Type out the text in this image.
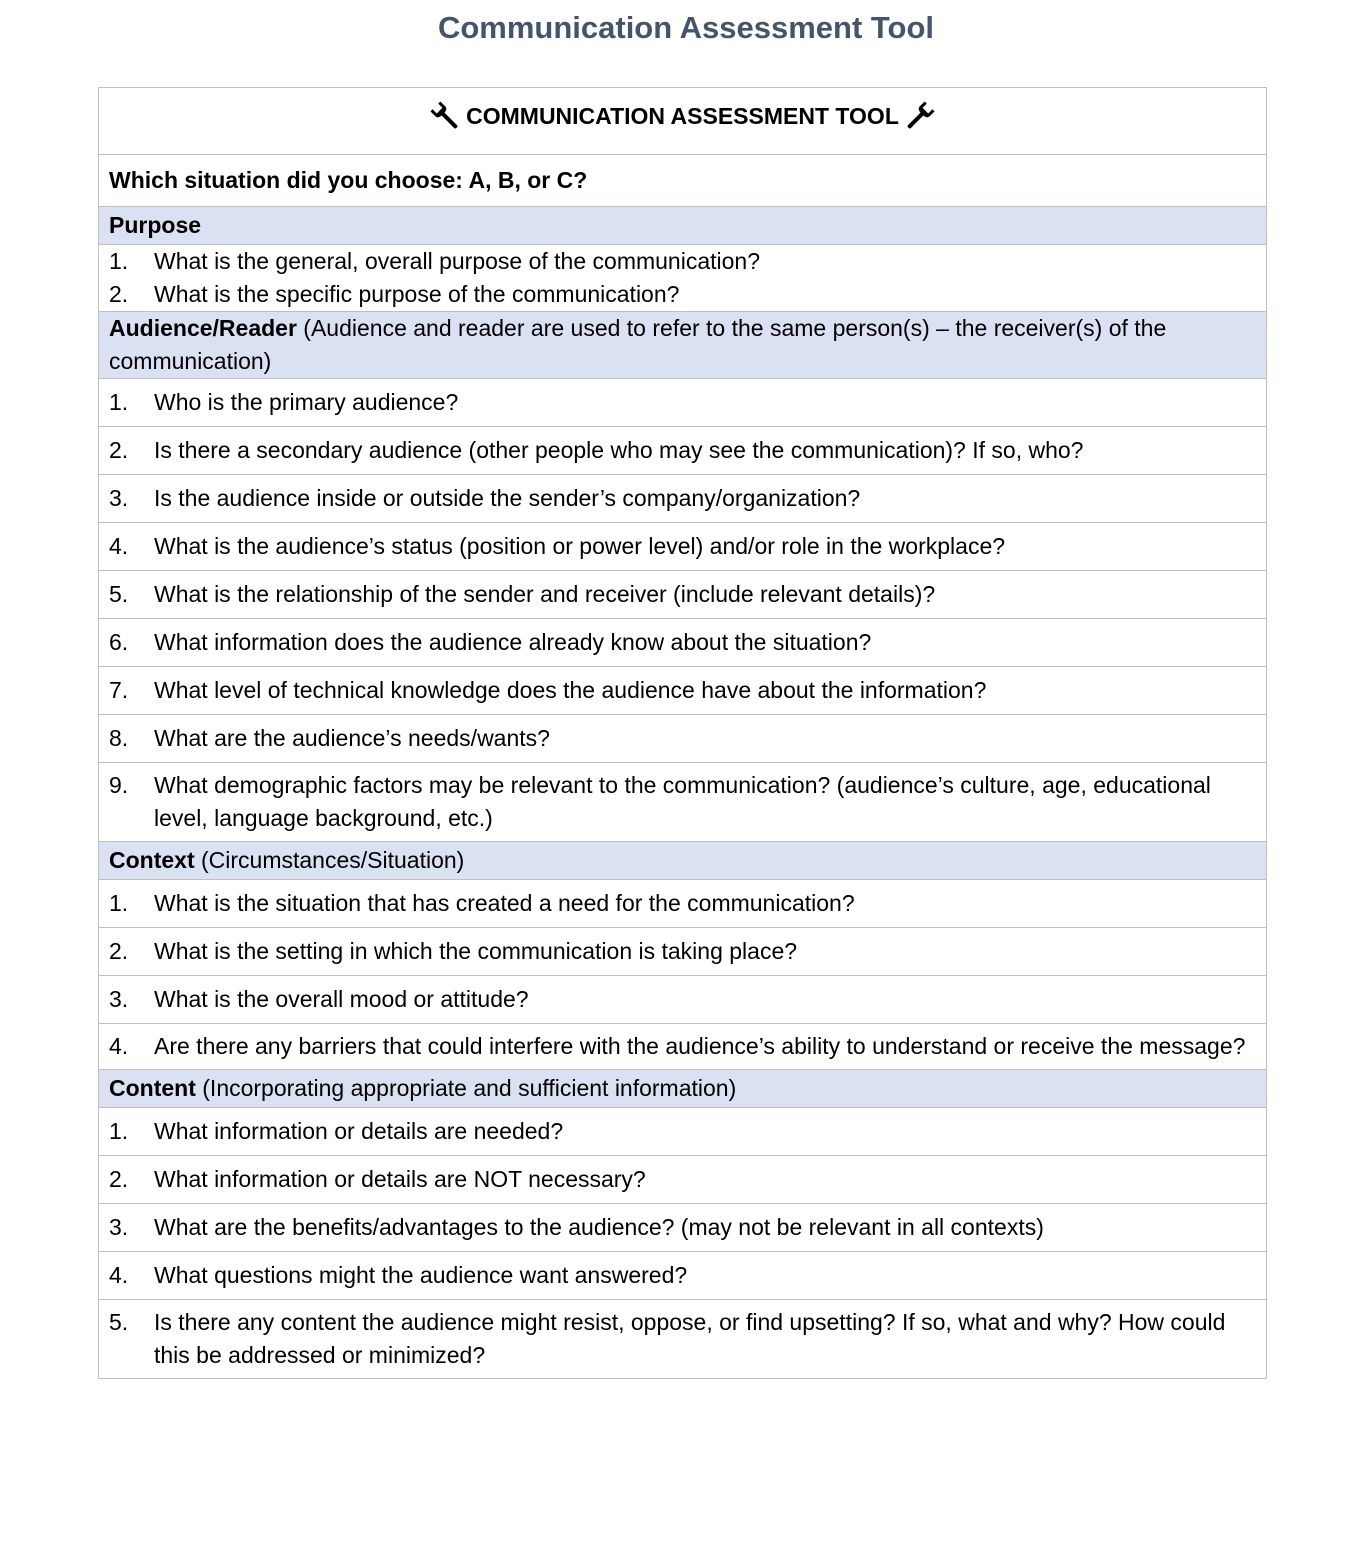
Communication Assessment Tool
COMMUNICATION ASSESSMENT TOOL

Which situation did you choose: A, B, or C?
Purpose

1.	What is the general, overall purpose of the communication?
2.	What is the specific purpose of the communication?

Audience/Reader (Audience and reader are used to refer to the same person(s) – the receiver(s) of the communication)

1.	Who is the primary audience?

2.	Is there a secondary audience (other people who may see the communication)? If so, who?

3.	Is the audience inside or outside the sender’s company/organization?

4.	What is the audience’s status (position or power level) and/or role in the workplace?

5.	What is the relationship of the sender and receiver (include relevant details)?

6.	What information does the audience already know about the situation?

7.	What level of technical knowledge does the audience have about the information?

8.	What are the audience’s needs/wants?

9.	What demographic factors may be relevant to the communication? (audience’s culture, age, educational level, language background, etc.)

Context (Circumstances/Situation)

1.	What is the situation that has created a need for the communication?

2.	What is the setting in which the communication is taking place?

3.	What is the overall mood or attitude?

4.	Are there any barriers that could interfere with the audience’s ability to understand or receive the message?

Content (Incorporating appropriate and sufficient information)

1.	What information or details are needed?

2.	What information or details are NOT necessary?

3.	What are the benefits/advantages to the audience? (may not be relevant in all contexts)

4.	What questions might the audience want answered?

5.	Is there any content the audience might resist, oppose, or find upsetting? If so, what and why? How could this be addressed or minimized?
